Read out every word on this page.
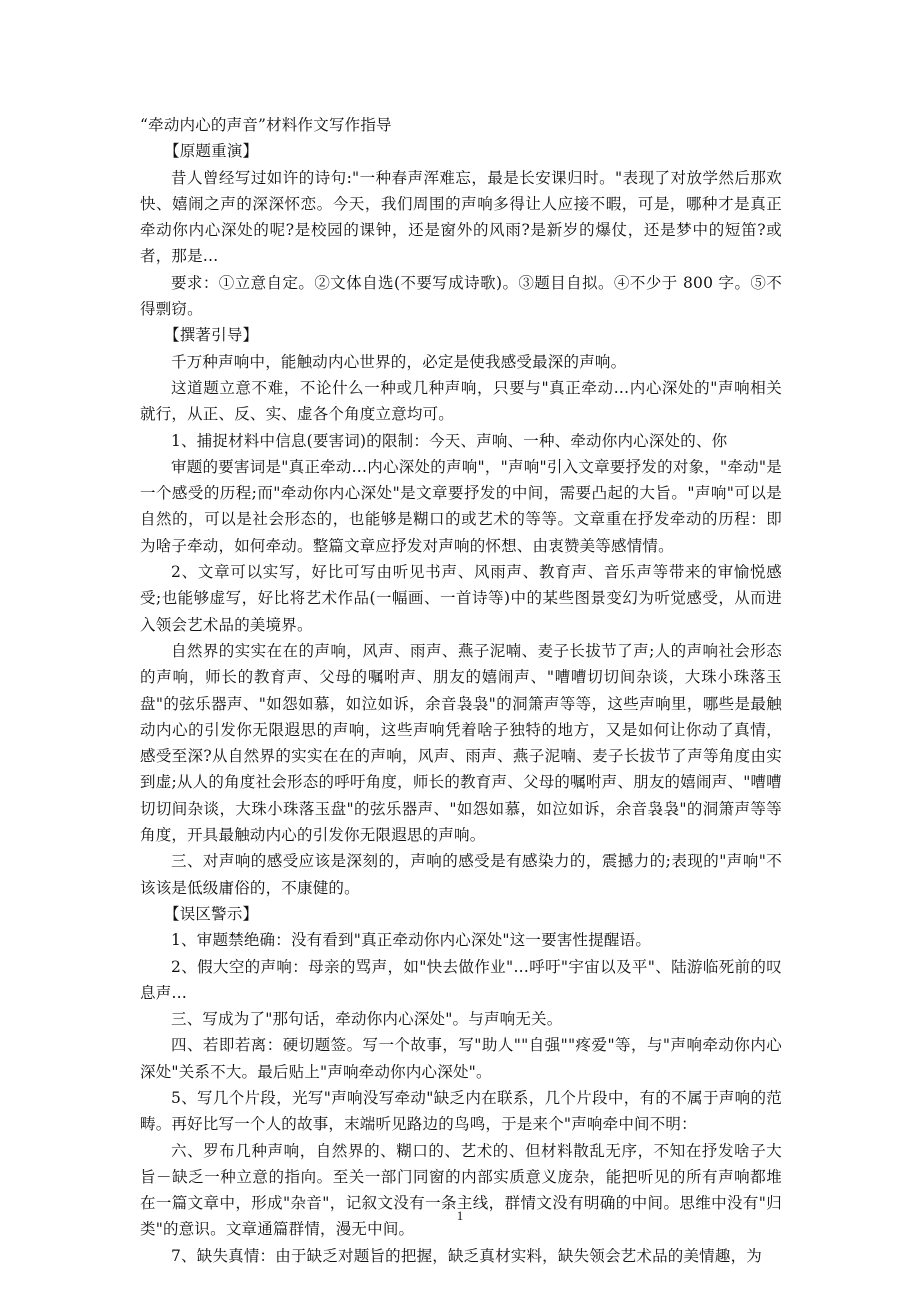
“牵动内心的声音”材料作文写作指导

【原题重演】

昔人曾经写过如许的诗句:"一种春声浑难忘，最是长安课归时。"表现了对放学然后那欢快、嬉闹之声的深深怀恋。今天，我们周围的声响多得让人应接不暇，可是，哪种才是真正牵动你内心深处的呢?是校园的课钟，还是窗外的风雨?是新岁的爆仗，还是梦中的短笛?或者，那是…

要求：①立意自定。②文体自选(不要写成诗歌)。③题目自拟。④不少于 800 字。⑤不得剽窃。

【撰著引导】

千万种声响中，能触动内心世界的，必定是使我感受最深的声响。

这道题立意不难，不论什么一种或几种声响，只要与"真正牵动…内心深处的"声响相关就行，从正、反、实、虚各个角度立意均可。

1、捕捉材料中信息(要害词)的限制：今天、声响、一种、牵动你内心深处的、你

审题的要害词是"真正牵动…内心深处的声响"，"声响"引入文章要抒发的对象，"牵动"是一个感受的历程;而"牵动你内心深处"是文章要抒发的中间，需要凸起的大旨。"声响"可以是自然的，可以是社会形态的，也能够是糊口的或艺术的等等。文章重在抒发牵动的历程：即为啥子牵动，如何牵动。整篇文章应抒发对声响的怀想、由衷赞美等感情情。

2、文章可以实写，好比可写由听见书声、风雨声、教育声、音乐声等带来的审愉悦感受;也能够虚写，好比将艺术作品(一幅画、一首诗等)中的某些图景变幻为听觉感受，从而进入领会艺术品的美境界。

自然界的实实在在的声响，风声、雨声、燕子泥喃、麦子长拔节了声;人的声响社会形态的声响，师长的教育声、父母的嘱咐声、朋友的嬉闹声、"嘈嘈切切间杂谈，大珠小珠落玉盘"的弦乐器声、"如怨如慕，如泣如诉，余音袅袅"的洞箫声等等，这些声响里，哪些是最触动内心的引发你无限遐思的声响，这些声响凭着啥子独特的地方，又是如何让你动了真情，感受至深?从自然界的实实在在的声响，风声、雨声、燕子泥喃、麦子长拔节了声等角度由实到虚;从人的角度社会形态的呼吁角度，师长的教育声、父母的嘱咐声、朋友的嬉闹声、"嘈嘈切切间杂谈，大珠小珠落玉盘"的弦乐器声、"如怨如慕，如泣如诉，余音袅袅"的洞箫声等等角度，开具最触动内心的引发你无限遐思的声响。

三、对声响的感受应该是深刻的，声响的感受是有感染力的，震撼力的;表现的"声响"不该该是低级庸俗的，不康健的。

【误区警示】

1、审题禁绝确：没有看到"真正牵动你内心深处"这一要害性提醒语。

2、假大空的声响：母亲的骂声，如"快去做作业"…呼吁"宇宙以及平"、陆游临死前的叹息声…

三、写成为了"那句话，牵动你内心深处"。与声响无关。

四、若即若离：硬切题签。写一个故事，写"助人""自强""疼爱"等，与"声响牵动你内心深处"关系不大。最后贴上"声响牵动你内心深处"。

5、写几个片段，光写"声响没写牵动"缺乏内在联系，几个片段中，有的不属于声响的范畴。再好比写一个人的故事，末端听见路边的鸟鸣，于是来个"声响牵中间不明：

六、罗布几种声响，自然界的、糊口的、艺术的、但材料散乱无序，不知在抒发啥子大旨－缺乏一种立意的指向。至关一部门同窗的内部实质意义庞杂，能把听见的所有声响都堆在一篇文章中，形成"杂音"，记叙文没有一条主线，群情文没有明确的中间。思维中没有"归类"的意识。文章通篇群情，漫无中间。

7、缺失真情：由于缺乏对题旨的把握，缺乏真材实料，缺失领会艺术品的美情趣，为

1
